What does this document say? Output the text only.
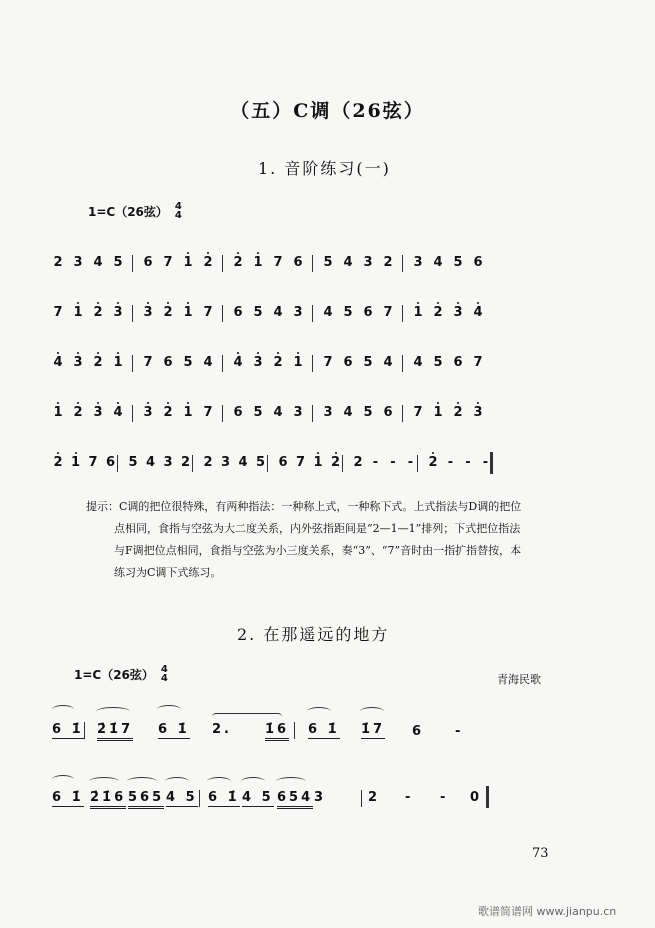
（五）C调（26弦）
1. 音阶练习(一)
1=C（26弦） 4
4
2 3 4 5 6 7 1 2 2 1 7 6 5 4 3 2 3 4 5 6
7 1 2 3 3 2 1 7 6 5 4 3 4 5 6 7 1 2 3 4
4 3 2 1 7 6 5 4 4 3 2 1 7 6 5 4 4 5 6 7
1 2 3 4 3 2 1 7 6 5 4 3 3 4 5 6 7 1 2 3
2 1 7 6 5 4 3 2 2 3 4 5 6 7 1 2 2 - - - 2 - - -

提示：C调的把位很特殊，有两种指法：一种称上式，一种称下式。上式指法与D调的把位

点相同，食指与空弦为大二度关系，内外弦指距间是“2—1—1”排列；下式把位指法

与F调把位点相同，食指与空弦为小三度关系，奏“3”、“7”音时由一指扩指替按，本

练习为C调下式练习。

2. 在那遥远的地方
1=C（26弦） 4
4	青海民歌
6 1̇ 2̇1̇7 6 1̇ 2.	1̇6 6 1̇ 1̇7 6 -
6 1̇ 2̇1̇6 565 4 5 6 1̇ 4 5 654 3	2 - - 0
73
歌谱简谱网 www.jianpu.cn
